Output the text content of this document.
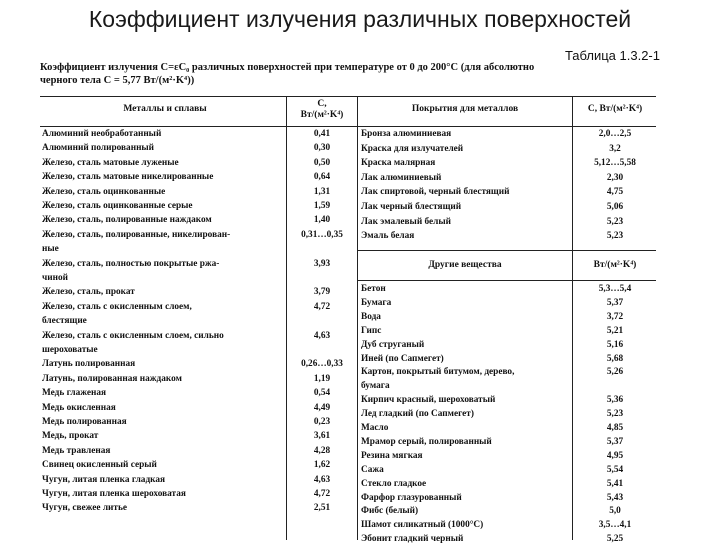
Коэффициент излучения различных поверхностей
Таблица 1.3.2-1
Коэффициент излучения C=εC₀ различных поверхностей при температуре от 0 до 200°С (для абсолютно
черного тела C = 5,77 Вт/(м²·K⁴))
Металлы и сплавы	C,
Вт/(м²·K⁴)
Покрытия для металлов	C, Вт/(м²·K⁴)
Другие вещества	Вт/(м²·K⁴)
Алюминий необработанный	0,41
Алюминий полированный	0,30
Железо, сталь матовые луженые	0,50
Железо, сталь матовые никелированные	0,64
Железо, сталь оцинкованные	1,31
Железо, сталь оцинкованные серые	1,59
Железо, сталь, полированные наждаком	1,40
Железо, сталь, полированные, никелирован-	0,31…0,35
ные
Железо, сталь, полностью покрытые ржа-	3,93
чиной
Железо, сталь, прокат	3,79
Железо, сталь с окисленным слоем,	4,72
блестящие
Железо, сталь с окисленным слоем, сильно	4,63
шероховатые
Латунь полированная	0,26…0,33
Латунь, полированная наждаком	1,19
Медь глаженая	0,54
Медь окисленная	4,49
Медь полированная	0,23
Медь, прокат	3,61
Медь травленая	4,28
Свинец окисленный серый	1,62
Чугун, литая пленка гладкая	4,63
Чугун, литая пленка шероховатая	4,72
Чугун, свежее литье	2,51
Бронза алюминиевая	2,0…2,5
Краска для излучателей	3,2
Краска малярная	5,12…5,58
Лак алюминиевый	2,30
Лак спиртовой, черный блестящий	4,75
Лак черный блестящий	5,06
Лак эмалевый белый	5,23
Эмаль белая	5,23
Бетон	5,3…5,4
Бумага	5,37
Вода	3,72
Гипс	5,21
Дуб струганый	5,16
Иней (по Сапмегет)	5,68
Картон, покрытый битумом, дерево,	5,26
бумага
Кирпич красный, шероховатый	5,36
Лед гладкий (по Сапмегет)	5,23
Масло	4,85
Мрамор серый, полированный	5,37
Резина мягкая	4,95
Сажа	5,54
Стекло гладкое	5,41
Фарфор глазурованный	5,43
Фибс (белый)	5,0
Шамот силикатный (1000°С)	3,5…4,1
Эбонит гладкий черный	5,25
